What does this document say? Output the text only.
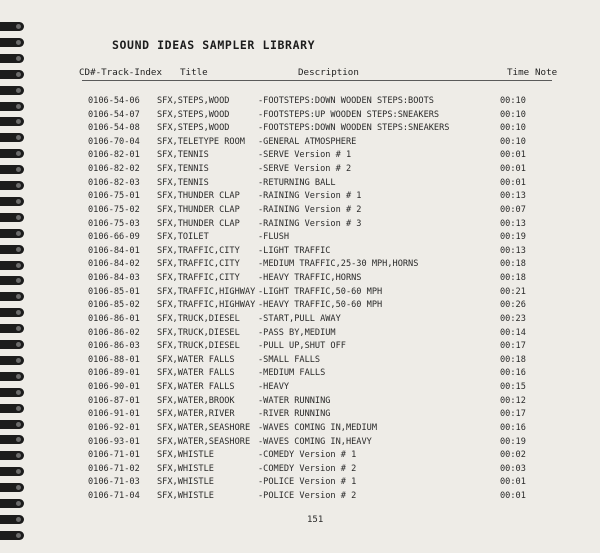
SOUND IDEAS SAMPLER LIBRARY
CD#-Track-Index Title	Description	Time Note
0106-54-06 SFX,STEPS,WOOD	-FOOTSTEPS:DOWN WOODEN STEPS:BOOTS	00:10
0106-54-07 SFX,STEPS,WOOD	-FOOTSTEPS:UP WOODEN STEPS:SNEAKERS	00:10
0106-54-08 SFX,STEPS,WOOD	-FOOTSTEPS:DOWN WOODEN STEPS:SNEAKERS	00:10
0106-70-04 SFX,TELETYPE ROOM -GENERAL ATMOSPHERE	00:10
0106-82-01 SFX,TENNIS	-SERVE Version # 1	00:01
0106-82-02 SFX,TENNIS	-SERVE Version # 2	00:01
0106-82-03 SFX,TENNIS	-RETURNING BALL	00:01
0106-75-01 SFX,THUNDER CLAP -RAINING Version # 1	00:13
0106-75-02 SFX,THUNDER CLAP -RAINING Version # 2	00:07
0106-75-03 SFX,THUNDER CLAP -RAINING Version # 3	00:13
0106-66-09 SFX,TOILET	-FLUSH	00:19
0106-84-01 SFX,TRAFFIC,CITY -LIGHT TRAFFIC	00:13
0106-84-02 SFX,TRAFFIC,CITY -MEDIUM TRAFFIC,25-30 MPH,HORNS	00:18
0106-84-03 SFX,TRAFFIC,CITY -HEAVY TRAFFIC,HORNS	00:18
0106-85-01 SFX,TRAFFIC,HIGHWAY -LIGHT TRAFFIC,50-60 MPH	00:21
0106-85-02 SFX,TRAFFIC,HIGHWAY -HEAVY TRAFFIC,50-60 MPH	00:26
0106-86-01 SFX,TRUCK,DIESEL -START,PULL AWAY	00:23
0106-86-02 SFX,TRUCK,DIESEL -PASS BY,MEDIUM	00:14
0106-86-03 SFX,TRUCK,DIESEL -PULL UP,SHUT OFF	00:17
0106-88-01 SFX,WATER FALLS	-SMALL FALLS	00:18
0106-89-01 SFX,WATER FALLS	-MEDIUM FALLS	00:16
0106-90-01 SFX,WATER FALLS	-HEAVY	00:15
0106-87-01 SFX,WATER,BROOK	-WATER RUNNING	00:12
0106-91-01 SFX,WATER,RIVER	-RIVER RUNNING	00:17
0106-92-01 SFX,WATER,SEASHORE -WAVES COMING IN,MEDIUM	00:16
0106-93-01 SFX,WATER,SEASHORE -WAVES COMING IN,HEAVY	00:19
0106-71-01 SFX,WHISTLE	-COMEDY Version # 1	00:02
0106-71-02 SFX,WHISTLE	-COMEDY Version # 2	00:03
0106-71-03 SFX,WHISTLE	-POLICE Version # 1	00:01
0106-71-04 SFX,WHISTLE	-POLICE Version # 2	00:01
151
